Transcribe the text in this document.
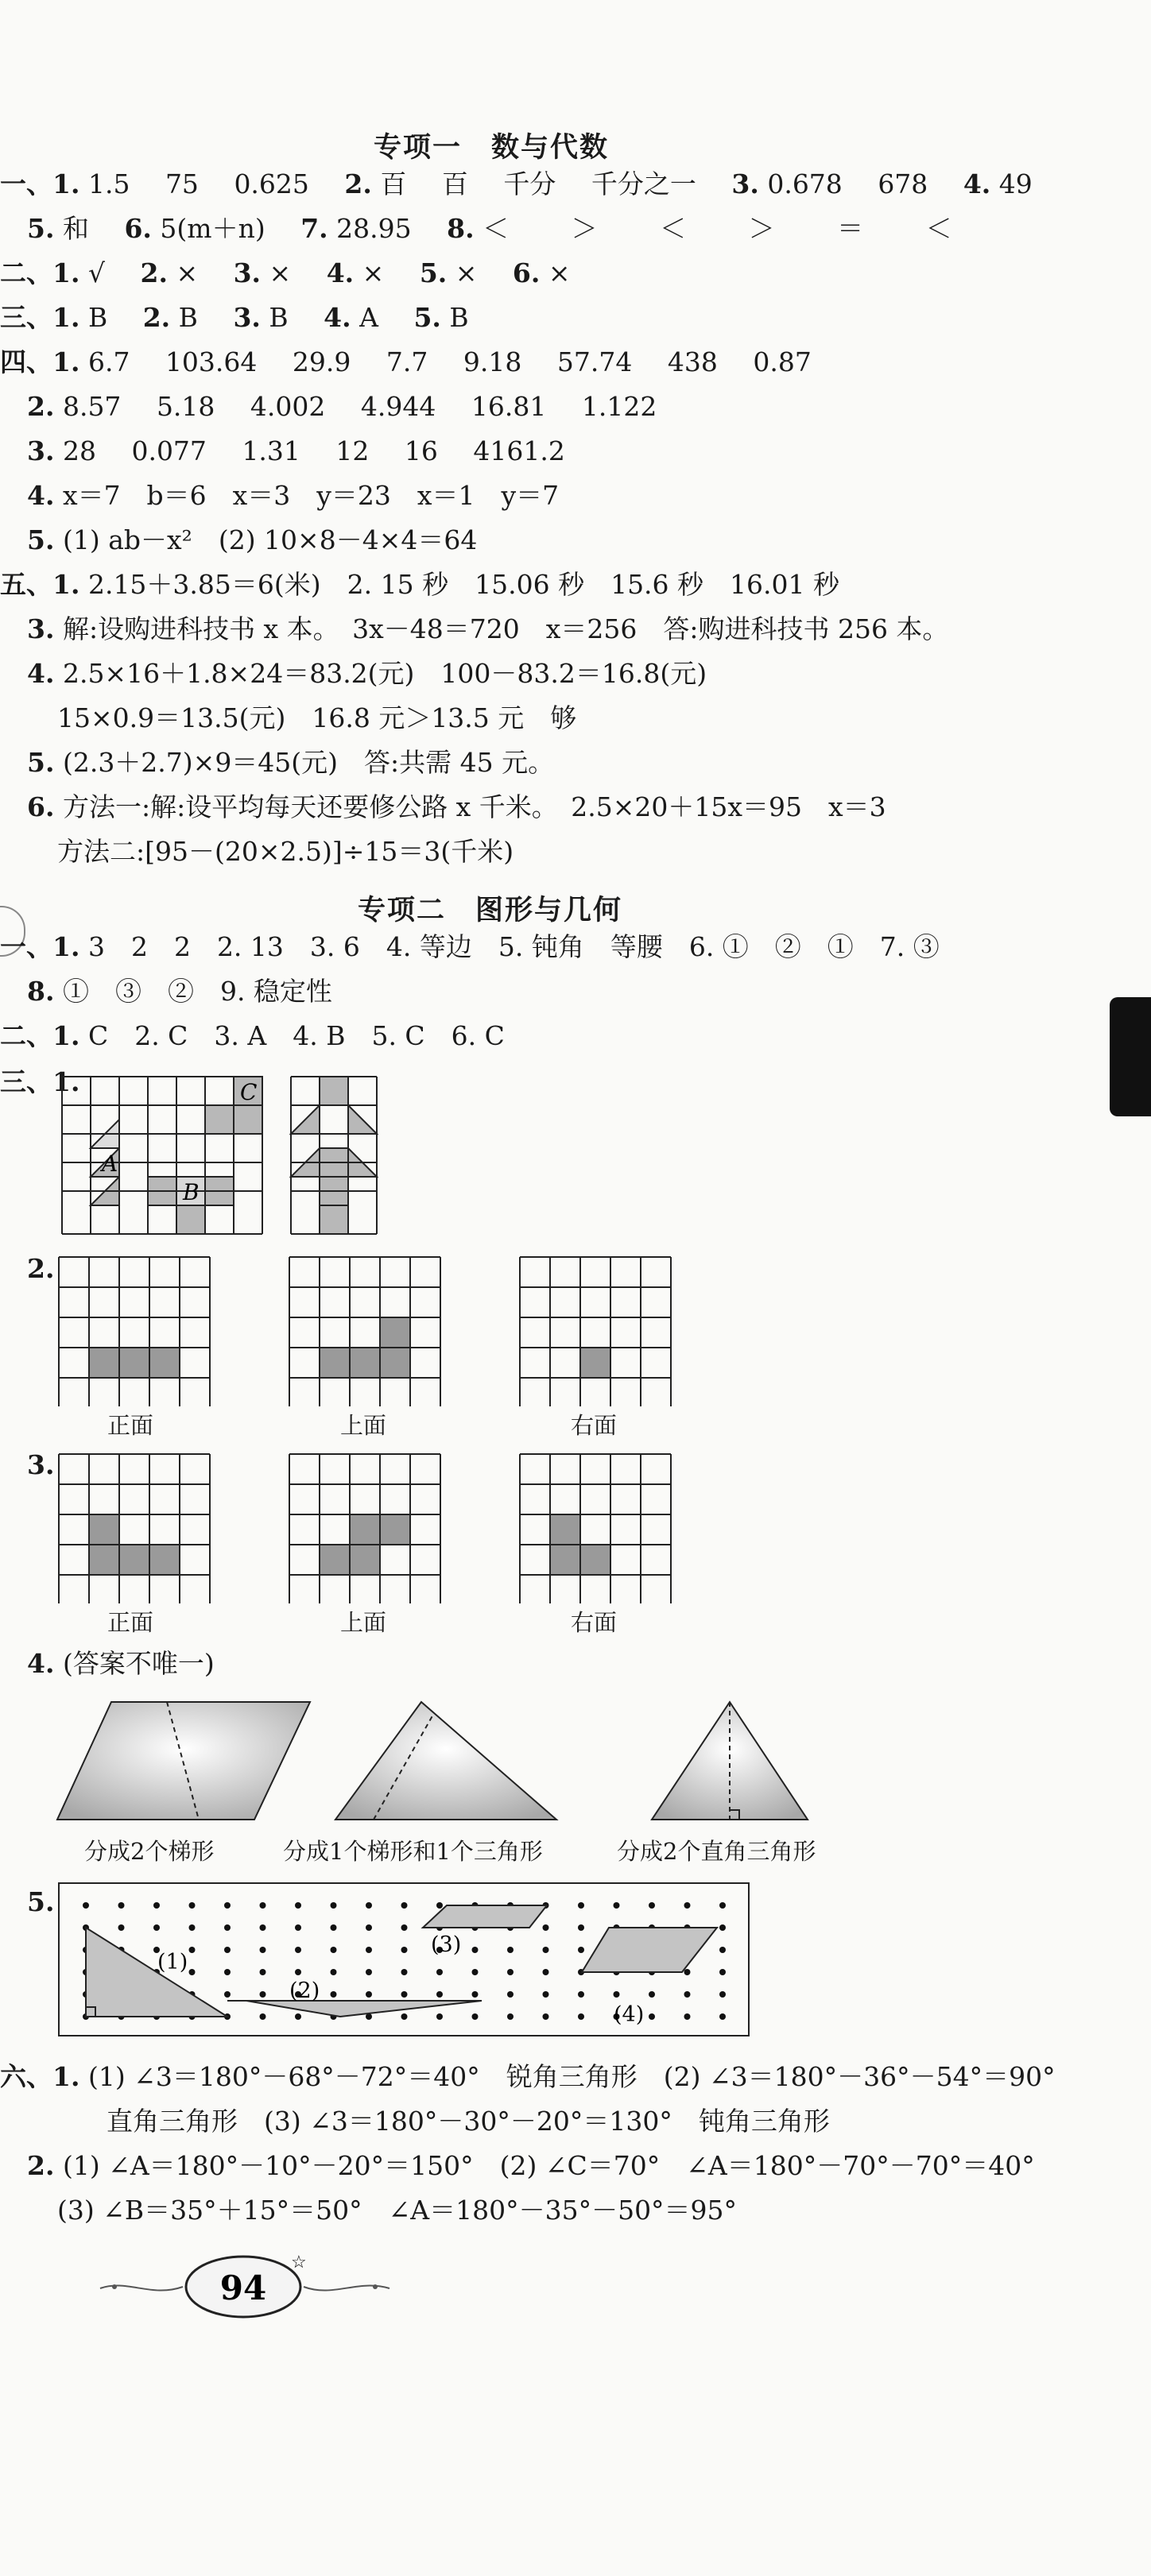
专项一　数与代数
一、1. 1.5 75 0.625 2. 百 百 千分 千分之一 3. 0.678 678 4. 49
5. 和 6. 5(m＋n) 7. 28.95 8. ＜ ＞ ＜ ＞ ＝ ＜
二、1. √ 2. × 3. × 4. × 5. × 6. ×
三、1. B 2. B 3. B 4. A 5. B
四、1. 6.7 103.64 29.9 7.7 9.18 57.74 438 0.87
2. 8.57 5.18 4.002 4.944 16.81 1.122
3. 28 0.077 1.31 12 16 4161.2
4. x＝7　b＝6　x＝3　y＝23　x＝1　y＝7
5. (1) ab－x²　(2) 10×8－4×4＝64
五、1. 2.15＋3.85＝6(米)　2. 15 秒　15.06 秒　15.6 秒　16.01 秒
3. 解:设购进科技书 x 本。　3x－48＝720　x＝256　答:购进科技书 256 本。
4. 2.5×16＋1.8×24＝83.2(元)　100－83.2＝16.8(元)
15×0.9＝13.5(元)　16.8 元＞13.5 元　够
5. (2.3＋2.7)×9＝45(元)　答:共需 45 元。
6. 方法一:解:设平均每天还要修公路 x 千米。　2.5×20＋15x＝95　x＝3
方法二:[95－(20×2.5)]÷15＝3(千米)
专项二　图形与几何
一、1. 3　2　2　2. 13　3. 6　4. 等边　5. 钝角　等腰　6. ①　②　①　7. ③
8. ①　③　②　9. 稳定性
二、1. C　2. C　3. A　4. B　5. C　6. C
三、1.
A
B
C
2.
正面	上面	右面
3.
正面	上面	右面
4. (答案不唯一)
分成2个梯形	分成1个梯形和1个三角形	分成2个直角三角形
5.
(1)
(2)
(3)
(4)
六、1. (1) ∠3＝180°－68°－72°＝40°　锐角三角形　(2) ∠3＝180°－36°－54°＝90°
直角三角形　(3) ∠3＝180°－30°－20°＝130°　钝角三角形
2. (1) ∠A＝180°－10°－20°＝150°　(2) ∠C＝70°　∠A＝180°－70°－70°＝40°
(3) ∠B＝35°＋15°＝50°　∠A＝180°－35°－50°＝95°
94
☆
